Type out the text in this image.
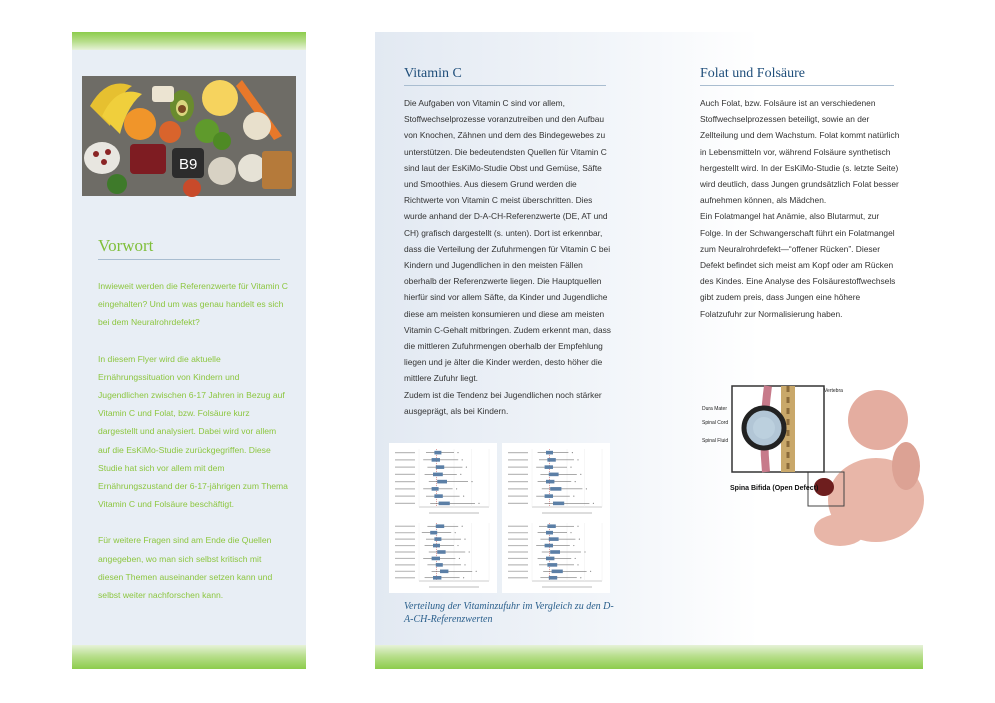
B9
Vorwort

Inwieweit werden die Referenzwerte für Vitamin C eingehalten? Und um was genau handelt es sich bei dem Neuralrohrdefekt?

In diesem Flyer wird die aktuelle Ernährungssituation von Kindern und Jugendlichen zwischen 6-17 Jahren in Bezug auf Vitamin C und Folat, bzw. Folsäure kurz dargestellt und analysiert. Dabei wird vor allem auf die EsKiMo-Studie zurückgegriffen. Diese Studie hat sich vor allem mit dem Ernährungszustand der 6-17-jährigen zum Thema Vitamin C und Folsäure beschäftigt.

Für weitere Fragen sind am Ende die Quellen angegeben, wo man sich selbst kritisch mit diesen Themen auseinander setzen kann und selbst weiter nachforschen kann.

Vitamin C

Die Aufgaben von Vitamin C sind vor allem, Stoffwechselprozesse voranzutreiben und den Aufbau von Knochen, Zähnen und dem des Bindegewebes zu unterstützen. Die bedeutendsten Quellen für Vitamin C sind laut der EsKiMo-Studie Obst und Gemüse, Säfte und Smoothies. Aus diesem Grund werden die Richtwerte von Vitamin C meist überschritten. Dies wurde anhand der D-A-CH-Referenzwerte (DE, AT und CH) grafisch dargestellt (s. unten). Dort ist erkennbar, dass die Verteilung der Zufuhrmengen für Vitamin C bei Kindern und Jugendlichen in den meisten Fällen oberhalb der Referenzwerte liegen. Die Hauptquellen hierfür sind vor allem Säfte, da Kinder und Jugendliche diese am meisten konsumieren und diese am meisten Vitamin C-Gehalt mitbringen. Zudem erkennt man, dass die mittleren Zufuhrmengen oberhalb der Empfehlung liegen und je älter die Kinder werden, desto höher die mittlere Zufuhr liegt.

Zudem ist die Tendenz bei Jugendlichen noch stärker ausgeprägt, als bei Kindern.

Verteilung der Vitaminzufuhr im Vergleich zu den D-A-CH-Referenzwerten
Folat und Folsäure

Auch Folat, bzw. Folsäure ist an verschiedenen Stoffwechselprozessen beteiligt, sowie an der Zellteilung und dem Wachstum. Folat kommt natürlich in Lebensmitteln vor, während Folsäure synthetisch hergestellt wird. In der EsKiMo-Studie (s. letzte Seite) wird deutlich, dass Jungen grundsätzlich Folat besser aufnehmen können, als Mädchen.

Ein Folatmangel hat Anämie, also Blutarmut, zur Folge. In der Schwangerschaft führt ein Folatmangel zum Neuralrohrdefekt—“offener Rücken”. Dieser Defekt befindet sich meist am Kopf oder am Rücken des Kindes. Eine Analyse des Folsäurestoffwechsels gibt zudem preis, dass Jungen eine höhere Folatzufuhr zur Normalisierung haben.

Vertebra
Dura Mater
Spinal Cord
Spinal Fluid
Spina Bifida (Open Defect)
